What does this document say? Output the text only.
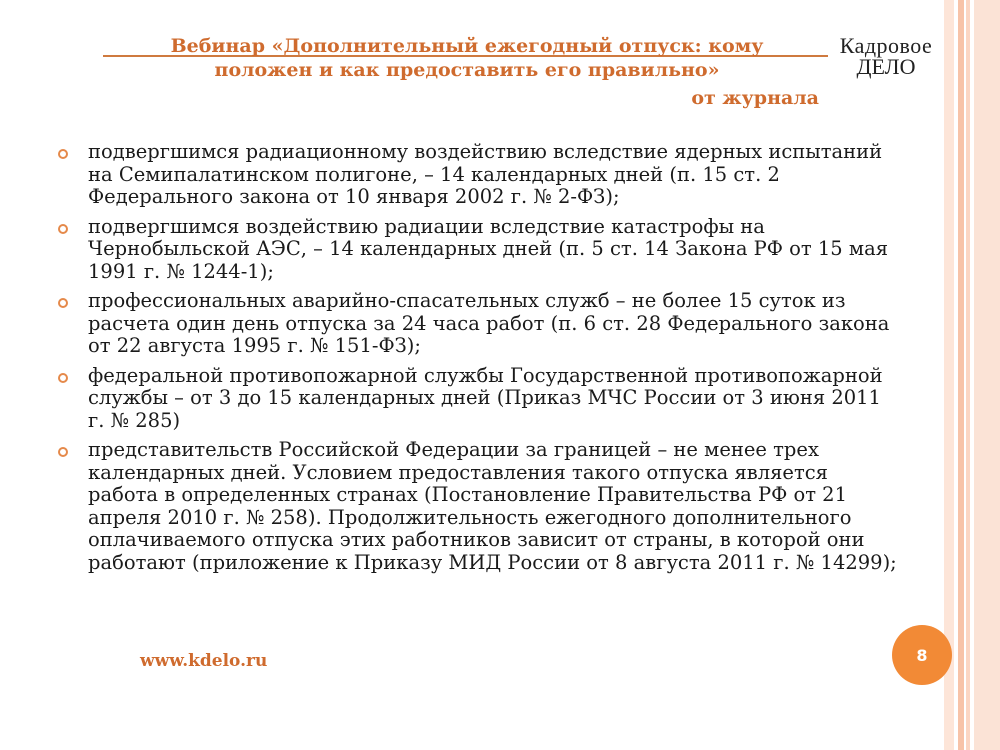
Вебинар «Дополнительный ежегодный отпуск: кому
положен и как предоставить его правильно»
от журнала
Кадровое
ДЕЛО
подвергшимся радиационному воздействию вследствие ядерных испытаний на Семипалатинском полигоне, – 14 календарных дней (п. 15 ст. 2 Федерального закона от 10 января 2002 г. № 2-ФЗ);
подвергшимся воздействию радиации вследствие катастрофы на Чернобыльской АЭС, – 14 календарных дней (п. 5 ст. 14 Закона РФ от 15 мая 1991 г. № 1244-1);
профессиональных аварийно-спасательных служб – не более 15 суток из расчета один день отпуска за 24 часа работ (п. 6 ст. 28 Федерального закона от 22 августа 1995 г. № 151-ФЗ);
федеральной противопожарной службы Государственной противопожарной службы – от 3 до 15 календарных дней (Приказ МЧС России от 3 июня 2011 г. № 285)
представительств Российской Федерации за границей – не менее трех календарных дней. Условием предоставления такого отпуска является работа в определенных странах (Постановление Правительства РФ от 21 апреля 2010 г. № 258). Продолжительность ежегодного дополнительного оплачиваемого отпуска этих работников зависит от страны, в которой они работают (приложение к Приказу МИД России от 8 августа 2011 г. № 14299);
www.kdelo.ru	8
